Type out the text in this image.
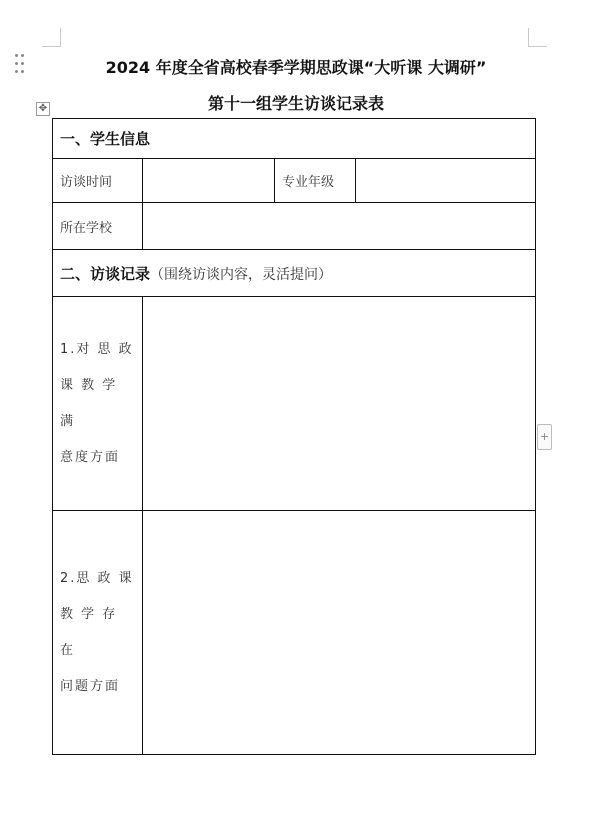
2024 年度全省高校春季学期思政课“大听课 大调研”
✥	第十一组学生访谈记录表
一、学生信息			
访谈时间		专业年级	
所在学校			
二、访谈记录（围绕访谈内容，灵活提问）			

1.对 思 政
课 教 学 满
意度方面			

2.思 政 课
教 学 存 在
问题方面			

+
